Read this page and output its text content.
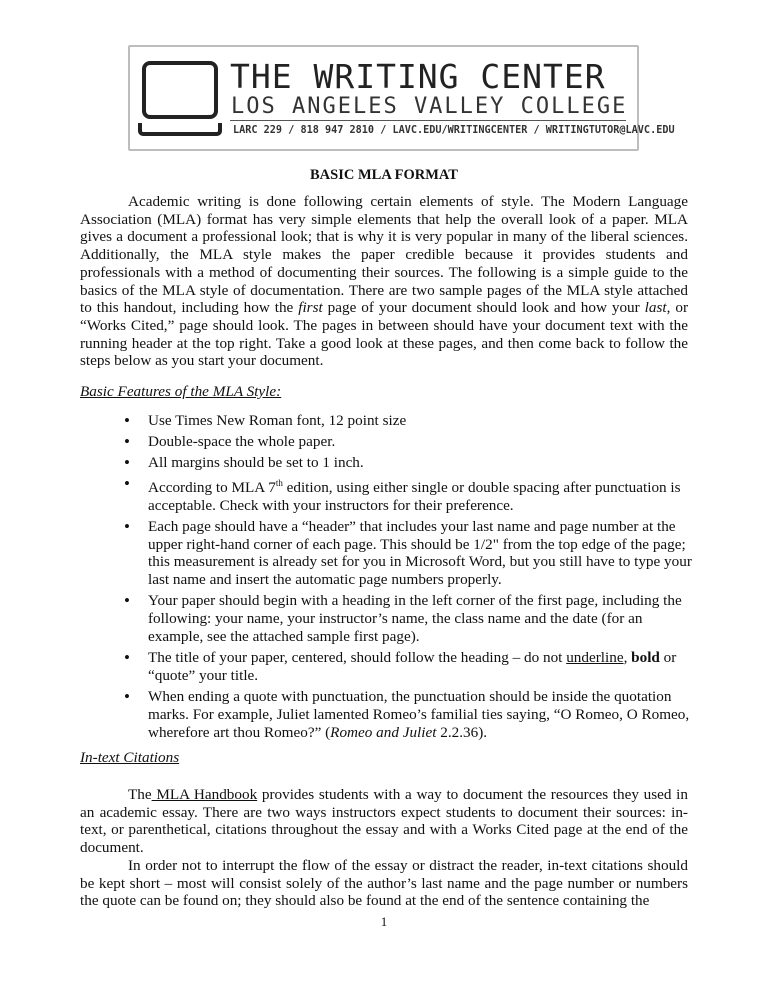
THE WRITING CENTER
LOS ANGELES VALLEY COLLEGE
LARC 229 / 818 947 2810 / LAVC.EDU/WRITINGCENTER / WRITINGTUTOR@LAVC.EDU
BASIC MLA FORMAT

Academic writing is done following certain elements of style. The Modern Language Association (MLA) format has very simple elements that help the overall look of a paper. MLA gives a document a professional look; that is why it is very popular in many of the liberal sciences. Additionally, the MLA style makes the paper credible because it provides students and professionals with a method of documenting their sources. The following is a simple guide to the basics of the MLA style of documentation. There are two sample pages of the MLA style attached to this handout, including how the first page of your document should look and how your last, or “Works Cited,” page should look. The pages in between should have your document text with the running header at the top right. Take a good look at these pages, and then come back to follow the steps below as you start your document.

Basic Features of the MLA Style:
• Use Times New Roman font, 12 point size
• Double-space the whole paper.
• All margins should be set to 1 inch.
• According to MLA 7th edition, using either single or double spacing after punctuation is acceptable. Check with your instructors for their preference.
• Each page should have a “header” that includes your last name and page number at the upper right-hand corner of each page. This should be 1/2" from the top edge of the page; this measurement is already set for you in Microsoft Word, but you still have to type your last name and insert the automatic page numbers properly.
• Your paper should begin with a heading in the left corner of the first page, including the following: your name, your instructor’s name, the class name and the date (for an example, see the attached sample first page).
• The title of your paper, centered, should follow the heading – do not underline, bold or “quote” your title.
• When ending a quote with punctuation, the punctuation should be inside the quotation marks. For example, Juliet lamented Romeo’s familial ties saying, “O Romeo, O Romeo, wherefore art thou Romeo?” (Romeo and Juliet 2.2.36).
In-text Citations

The MLA Handbook provides students with a way to document the resources they used in an academic essay. There are two ways instructors expect students to document their sources: in-text, or parenthetical, citations throughout the essay and with a Works Cited page at the end of the document.

In order not to interrupt the flow of the essay or distract the reader, in-text citations should be kept short – most will consist solely of the author’s last name and the page number or numbers the quote can be found on; they should also be found at the end of the sentence containing the

1
